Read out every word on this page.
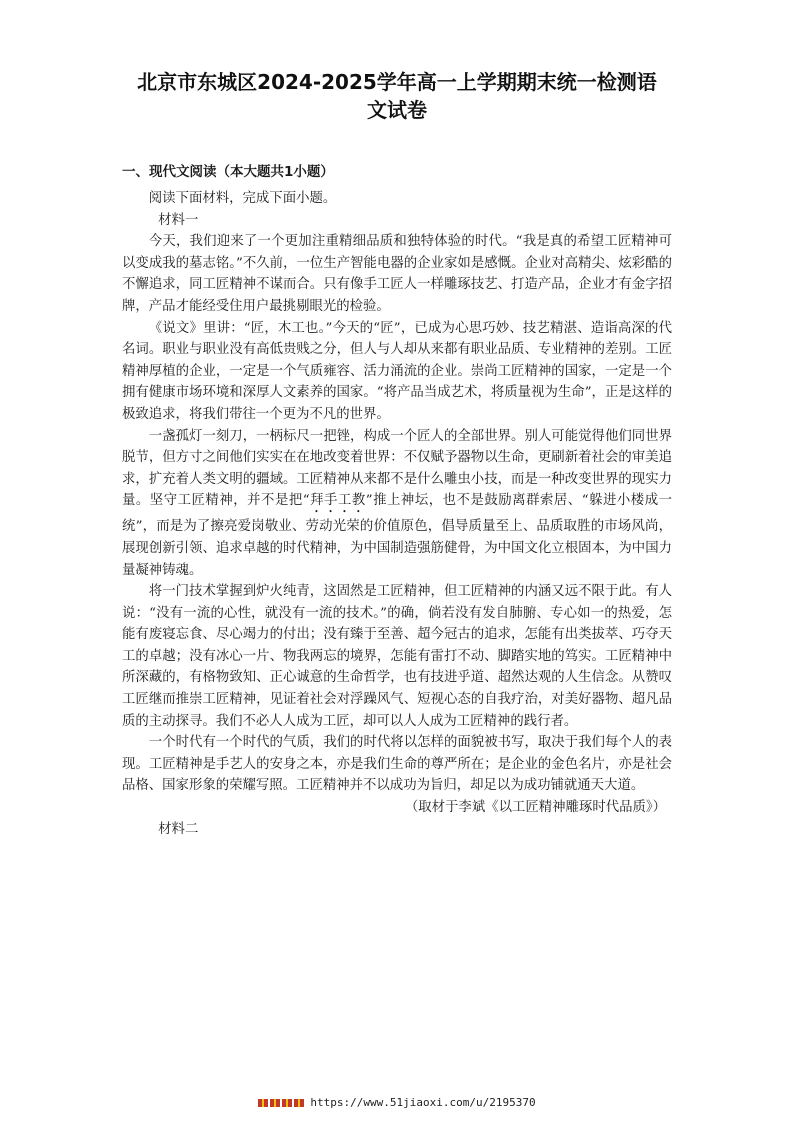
北京市东城区2024-2025学年高一上学期期末统一检测语
文试卷
一、现代文阅读（本大题共1小题）

阅读下面材料，完成下面小题。

材料一

今天，我们迎来了一个更加注重精细品质和独特体验的时代。“我是真的希望工匠精神可以变成我的墓志铭。”不久前，一位生产智能电器的企业家如是感慨。企业对高精尖、炫彩酷的不懈追求，同工匠精神不谋而合。只有像手工匠人一样雕琢技艺、打造产品，企业才有金字招牌，产品才能经受住用户最挑剔眼光的检验。

《说文》里讲：“匠，木工也。”今天的“匠”，已成为心思巧妙、技艺精湛、造诣高深的代名词。职业与职业没有高低贵贱之分，但人与人却从来都有职业品质、专业精神的差别。工匠精神厚植的企业，一定是一个气质雍容、活力涌流的企业。崇尚工匠精神的国家，一定是一个拥有健康市场环境和深厚人文素养的国家。“将产品当成艺术，将质量视为生命”，正是这样的极致追求，将我们带往一个更为不凡的世界。

一盏孤灯一刻刀，一柄标尺一把锉，构成一个匠人的全部世界。别人可能觉得他们同世界脱节，但方寸之间他们实实在在地改变着世界：不仅赋予器物以生命，更刷新着社会的审美追求，扩充着人类文明的疆域。工匠精神从来都不是什么雕虫小技，而是一种改变世界的现实力量。坚守工匠精神，并不是把“拜手工教”推上神坛，也不是鼓励离群索居、“躲进小楼成一统”，而是为了擦亮爱岗敬业、劳动光荣的价值原色，倡导质量至上、品质取胜的市场风尚，展现创新引领、追求卓越的时代精神，为中国制造强筋健骨，为中国文化立根固本，为中国力量凝神铸魂。

将一门技术掌握到炉火纯青，这固然是工匠精神，但工匠精神的内涵又远不限于此。有人说：“没有一流的心性，就没有一流的技术。”的确，倘若没有发自肺腑、专心如一的热爱，怎能有废寝忘食、尽心竭力的付出；没有臻于至善、超今冠古的追求，怎能有出类拔萃、巧夺天工的卓越；没有冰心一片、物我两忘的境界，怎能有雷打不动、脚踏实地的笃实。工匠精神中所深藏的，有格物致知、正心诚意的生命哲学，也有技进乎道、超然达观的人生信念。从赞叹工匠继而推崇工匠精神，见证着社会对浮躁风气、短视心态的自我疗治，对美好器物、超凡品质的主动探寻。我们不必人人成为工匠，却可以人人成为工匠精神的践行者。

一个时代有一个时代的气质，我们的时代将以怎样的面貌被书写，取决于我们每个人的表现。工匠精神是手艺人的安身之本，亦是我们生命的尊严所在；是企业的金色名片，亦是社会品格、国家形象的荣耀写照。工匠精神并不以成功为旨归，却足以为成功铺就通天大道。

（取材于李斌《以工匠精神雕琢时代品质》）

材料二

https://www.51jiaoxi.com/u/2195370
